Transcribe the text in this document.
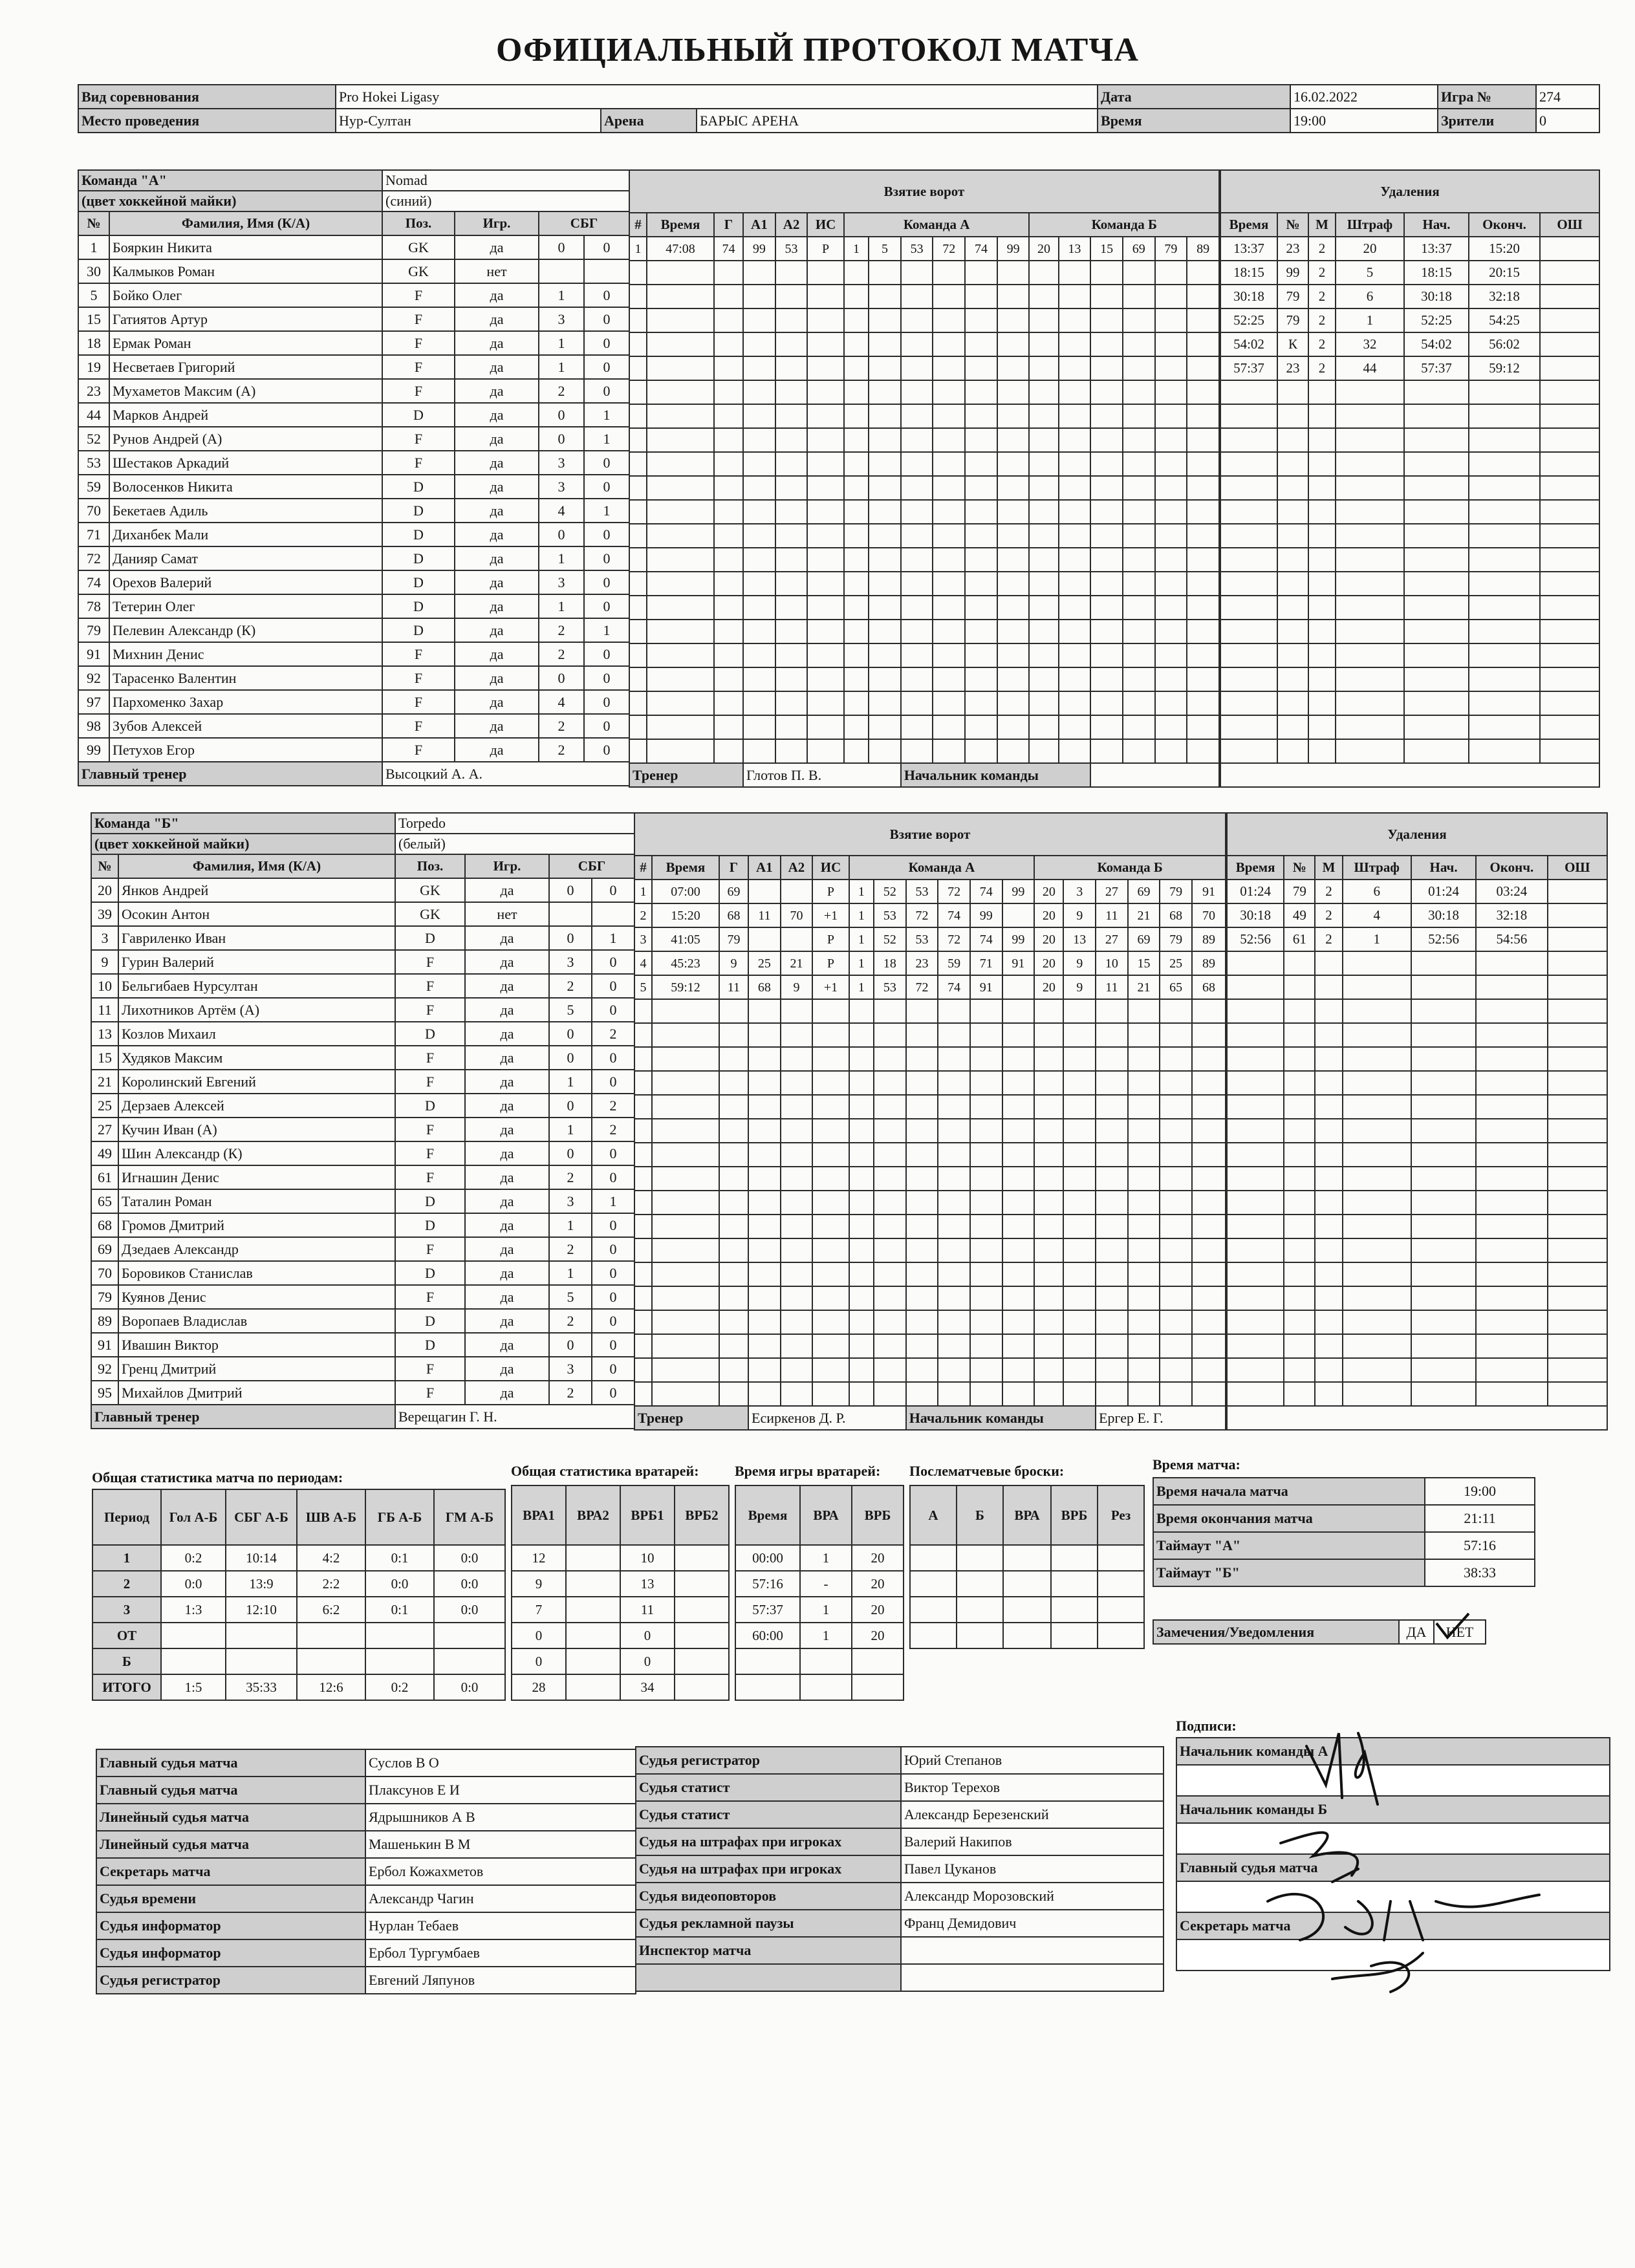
ОФИЦИАЛЬНЫЙ ПРОТОКОЛ МАТЧА
Вид соревнования	Pro Hokei Ligasy			Дата	16.02.2022	Игра №	274
Место проведения	Нур-Султан	Арена	БАРЫС АРЕНА	Время	19:00	Зрители	0
Команда "А"		Nomad			
(цвет хоккейной майки)		(синий)			
№	Фамилия, Имя (К/А)	Поз.	Игр.	СБГ	
1	Бояркин Никита	GK	да	0	0
30	Калмыков Роман	GK	нет		
5	Бойко Олег	F	да	1	0
15	Гатиятов Артур	F	да	3	0
18	Ермак Роман	F	да	1	0
19	Несветаев Григорий	F	да	1	0
23	Мухаметов Максим (А)	F	да	2	0
44	Марков Андрей	D	да	0	1
52	Рунов Андрей (А)	F	да	0	1
53	Шестаков Аркадий	F	да	3	0
59	Волосенков Никита	D	да	3	0
70	Бекетаев Адиль	D	да	4	1
71	Диханбек Мали	D	да	0	0
72	Данияр Самат	D	да	1	0
74	Орехов Валерий	D	да	3	0
78	Тетерин Олег	D	да	1	0
79	Пелевин Александр (К)	D	да	2	1
91	Михнин Денис	F	да	2	0
92	Тарасенко Валентин	F	да	0	0
97	Пархоменко Захар	F	да	4	0
98	Зубов Алексей	F	да	2	0
99	Петухов Егор	F	да	2	0
Главный тренер		Высоцкий А. А.			
Взятие ворот																	

#	Время	Г	А1	А2	ИС	Команда А						Команда Б					
1	47:08	74	99	53	Р	1	5	53	72	74	99	20	13	15	69	79	89

Тренер			Глотов П. В.					Начальник команды									
Удаления						

Время	№	М	Штраф	Нач.	Оконч.	ОШ
13:37	23	2	20	13:37	15:20	
18:15	99	2	5	18:15	20:15	
30:18	79	2	6	30:18	32:18	
52:25	79	2	1	52:25	54:25	
54:02	К	2	32	54:02	56:02	
57:37	23	2	44	57:37	59:12	

Команда "Б"		Torpedo			
(цвет хоккейной майки)		(белый)			
№	Фамилия, Имя (К/А)	Поз.	Игр.	СБГ	
20	Янков Андрей	GK	да	0	0
39	Осокин Антон	GK	нет		
3	Гавриленко Иван	D	да	0	1
9	Гурин Валерий	F	да	3	0
10	Бельгибаев Нурсултан	F	да	2	0
11	Лихотников Артём (А)	F	да	5	0
13	Козлов Михаил	D	да	0	2
15	Худяков Максим	F	да	0	0
21	Королинский Евгений	F	да	1	0
25	Дерзаев Алексей	D	да	0	2
27	Кучин Иван (А)	F	да	1	2
49	Шин Александр (К)	F	да	0	0
61	Игнашин Денис	F	да	2	0
65	Таталин Роман	D	да	3	1
68	Громов Дмитрий	D	да	1	0
69	Дзедаев Александр	F	да	2	0
70	Боровиков Станислав	D	да	1	0
79	Куянов Денис	F	да	5	0
89	Воропаев Владислав	D	да	2	0
91	Ивашин Виктор	D	да	0	0
92	Гренц Дмитрий	F	да	3	0
95	Михайлов Дмитрий	F	да	2	0
Главный тренер		Верещагин Г. Н.			
Взятие ворот																	

#	Время	Г	А1	А2	ИС	Команда А						Команда Б					
1	07:00	69			Р	1	52	53	72	74	99	20	3	27	69	79	91
2	15:20	68	11	70	+1	1	53	72	74	99		20	9	11	21	68	70
3	41:05	79			Р	1	52	53	72	74	99	20	13	27	69	79	89
4	45:23	9	25	21	Р	1	18	23	59	71	91	20	9	10	15	25	89
5	59:12	11	68	9	+1	1	53	72	74	91		20	9	11	21	65	68

Тренер			Есиркенов Д. Р.					Начальник команды						Ергер Е. Г.			
Удаления						

Время	№	М	Штраф	Нач.	Оконч.	ОШ
01:24	79	2	6	01:24	03:24	
30:18	49	2	4	30:18	32:18	
52:56	61	2	1	52:56	54:56	

Общая статистика матча по периодам:
Период	Гол А-Б	СБГ А-Б	ШВ А-Б	ГБ А-Б	ГМ А-Б
1	0:2	10:14	4:2	0:1	0:0
2	0:0	13:9	2:2	0:0	0:0
3	1:3	12:10	6:2	0:1	0:0
ОТ					
Б					
ИТОГО	1:5	35:33	12:6	0:2	0:0
Общая статистика вратарей:
ВРА1	ВРА2	ВРБ1	ВРБ2
12		10	
9		13	
7		11	
0		0	
0		0	
28		34	
Время игры вратарей:
Время	ВРА	ВРБ
00:00	1	20
57:16	-	20
57:37	1	20
60:00	1	20

Послематчевые броски:
А	Б	ВРА	ВРБ	Рез

Время матча:
Время начала матча	19:00
Время окончания матча	21:11
Таймаут "А"	57:16
Таймаут "Б"	38:33
Замечения/Уведомления	ДА	НЕТ
Главный судья матча	Суслов В О
Главный судья матча	Плаксунов Е И
Линейный судья матча	Ядрышников А В
Линейный судья матча	Машенькин В М
Секретарь матча	Ербол Кожахметов
Судья времени	Александр Чагин
Судья информатор	Нурлан Тебаев
Судья информатор	Ербол Тургумбаев
Судья регистратор	Евгений Ляпунов
Судья регистратор	Юрий Степанов
Судья статист	Виктор Терехов
Судья статист	Александр Березенский
Судья на штрафах при игроках	Валерий Накипов
Судья на штрафах при игроках	Павел Цуканов
Судья видеоповторов	Александр Морозовский
Судья рекламной паузы	Франц Демидович
Инспектор матча	

Подписи:
Начальник команды А

Начальник команды Б

Главный судья матча

Секретарь матча
